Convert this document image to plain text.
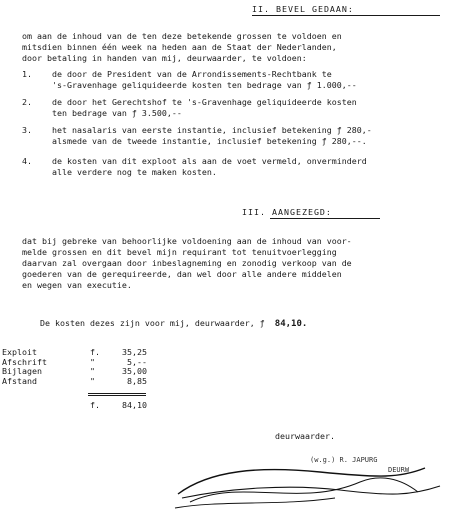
II. BEVEL GEDAAN:
om aan de inhoud van de ten deze betekende grossen te voldoen en
mitsdien binnen één week na heden aan de Staat der Nederlanden,
door betaling in handen van mij, deurwaarder, te voldoen:
1. de door de President van de Arrondissements-Rechtbank te
's-Gravenhage geliquideerde kosten ten bedrage van ƒ 1.000,--
2. de door het Gerechtshof te 's-Gravenhage geliquideerde kosten
ten bedrage van ƒ 3.500,--
3. het nasalaris van eerste instantie, inclusief betekening ƒ 280,-
alsmede van de tweede instantie, inclusief betekening ƒ 280,--.
4. de kosten van dit exploot als aan de voet vermeld, onverminderd
alle verdere nog te maken kosten.
III. AANGEZEGD:
dat bij gebreke van behoorlijke voldoening aan de inhoud van voor-
melde grossen en dit bevel mijn requirant tot tenuitvoerlegging
daarvan zal overgaan door inbeslagneming en zonodig verkoop van de
goederen van de gerequireerde, dan wel door alle andere middelen
en wegen van executie.
De kosten dezes zijn voor mij, deurwaarder, ƒ 84,10.
Exploit	f.	35,25
Afschrift	"	5,--
Bijlagen	"	35,00
Afstand	"	8,85
f.	84,10
deurwaarder.
(w.g.) R. JAPURG
DEURW
